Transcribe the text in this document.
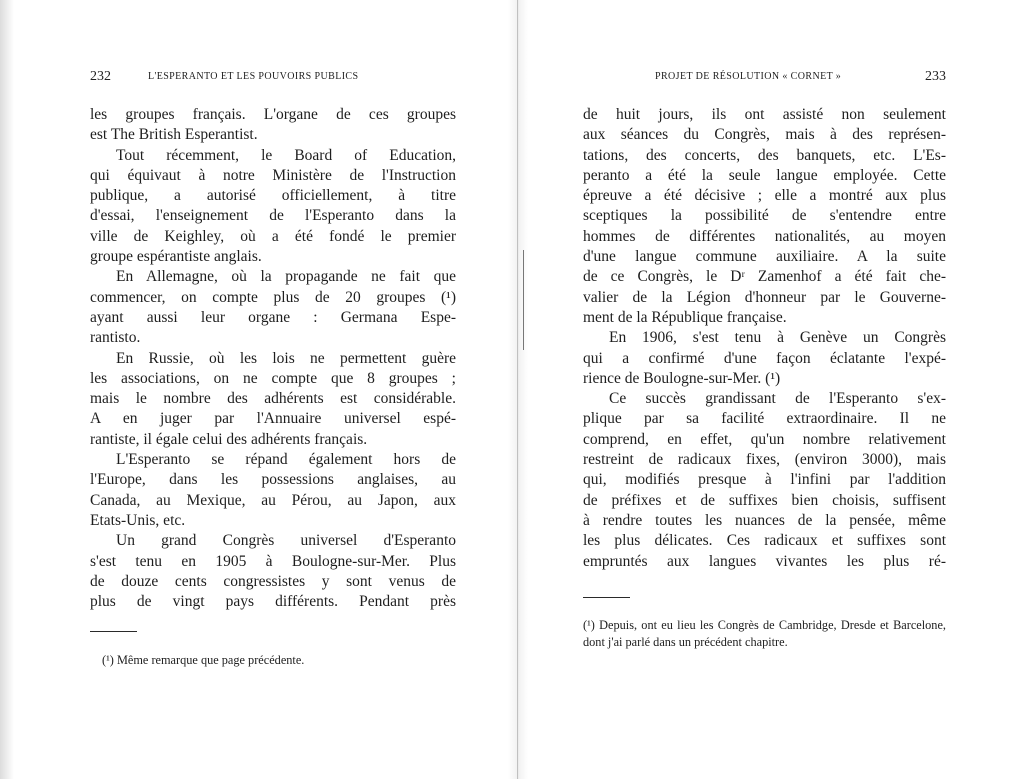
232	L'ESPERANTO ET LES POUVOIRS PUBLICS
les groupes français. L'organe de ces groupes
est The British Esperantist.
Tout récemment, le Board of Education,
qui équivaut à notre Ministère de l'Instruction
publique, a autorisé officiellement, à titre
d'essai, l'enseignement de l'Esperanto dans la
ville de Keighley, où a été fondé le premier
groupe espérantiste anglais.
En Allemagne, où la propagande ne fait que
commencer, on compte plus de 20 groupes (¹)
ayant aussi leur organe : Germana Espe-
rantisto.
En Russie, où les lois ne permettent guère
les associations, on ne compte que 8 groupes ;
mais le nombre des adhérents est considérable.
A en juger par l'Annuaire universel espé-
rantiste, il égale celui des adhérents français.
L'Esperanto se répand également hors de
l'Europe, dans les possessions anglaises, au
Canada, au Mexique, au Pérou, au Japon, aux
Etats-Unis, etc.
Un grand Congrès universel d'Esperanto
s'est tenu en 1905 à Boulogne-sur-Mer. Plus
de douze cents congressistes y sont venus de
plus de vingt pays différents. Pendant près
(¹) Même remarque que page précédente.
PROJET DE RÉSOLUTION « CORNET »	233
de huit jours, ils ont assisté non seulement
aux séances du Congrès, mais à des représen-
tations, des concerts, des banquets, etc. L'Es-
peranto a été la seule langue employée. Cette
épreuve a été décisive ; elle a montré aux plus
sceptiques la possibilité de s'entendre entre
hommes de différentes nationalités, au moyen
d'une langue commune auxiliaire. A la suite
de ce Congrès, le Dʳ Zamenhof a été fait che-
valier de la Légion d'honneur par le Gouverne-
ment de la République française.
En 1906, s'est tenu à Genève un Congrès
qui a confirmé d'une façon éclatante l'expé-
rience de Boulogne-sur-Mer. (¹)
Ce succès grandissant de l'Esperanto s'ex-
plique par sa facilité extraordinaire. Il ne
comprend, en effet, qu'un nombre relativement
restreint de radicaux fixes, (environ 3000), mais
qui, modifiés presque à l'infini par l'addition
de préfixes et de suffixes bien choisis, suffisent
à rendre toutes les nuances de la pensée, même
les plus délicates. Ces radicaux et suffixes sont
empruntés aux langues vivantes les plus ré-
(¹) Depuis, ont eu lieu les Congrès de Cambridge, Dresde et Barcelone, dont j'ai parlé dans un précédent chapitre.
